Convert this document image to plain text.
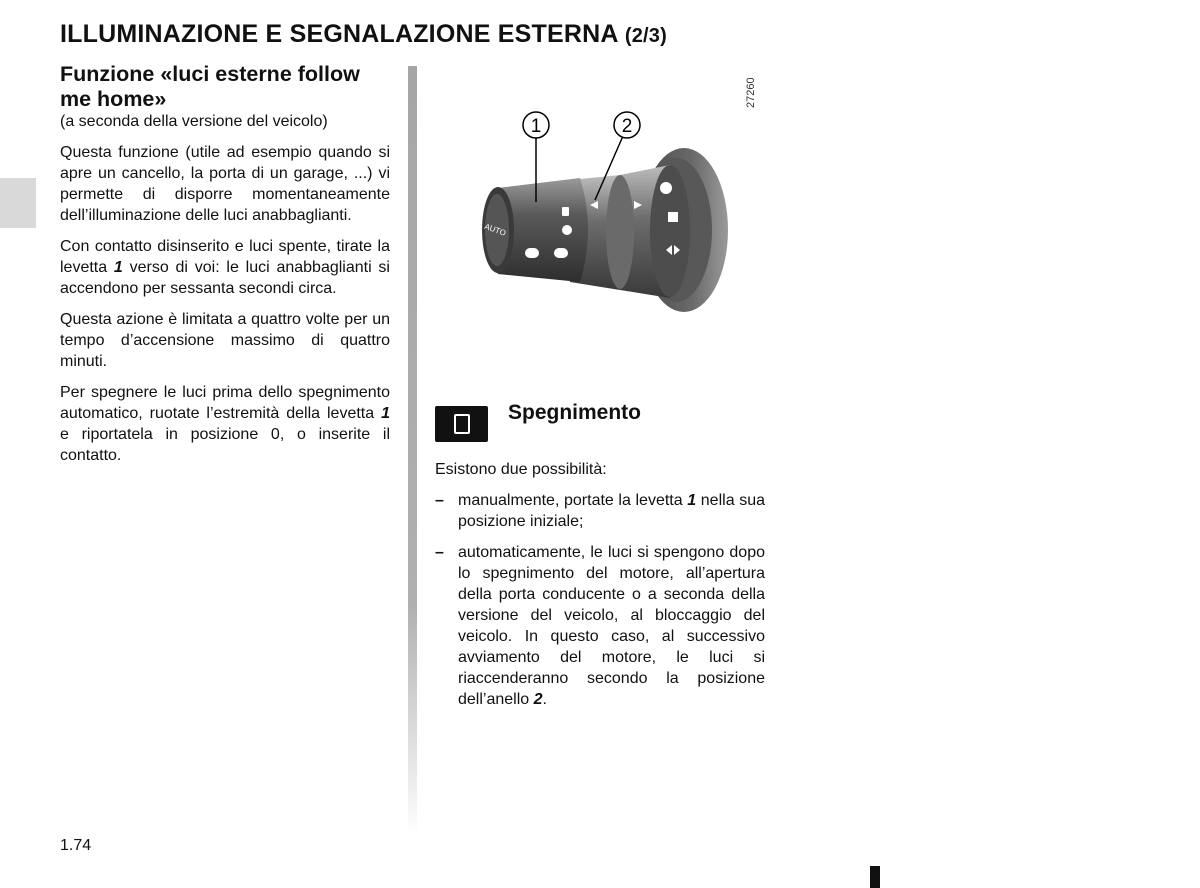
ILLUMINAZIONE E SEGNALAZIONE ESTERNA (2/3)

Funzione «luci esterne follow me home»

(a seconda della versione del veicolo)

Questa funzione (utile ad esempio quando si apre un cancello, la porta di un garage, ...) vi permette di disporre momentaneamente dell’illuminazione delle luci anabbaglianti.

Con contatto disinserito e luci spente, tirate la levetta 1 verso di voi: le luci anabbaglianti si accendono per sessanta secondi circa.

Questa azione è limitata a quattro volte per un tempo d’accensione massimo di quattro minuti.

Per spegnere le luci prima dello spegnimento automatico, ruotate l’estremità della levetta 1 e riportatela in posizione 0, o inserite il contatto.

27260
AUTO
1	2

Spegnimento

Esistono due possibilità:

– manualmente, portate la levetta 1 nella sua posizione iniziale;
– automaticamente, le luci si spengono dopo lo spegnimento del motore, all’apertura della porta conducente o a seconda della versione del veicolo, al bloccaggio del veicolo. In questo caso, al successivo avviamento del motore, le luci si riaccenderanno secondo la posizione dell’anello 2.
1.74
